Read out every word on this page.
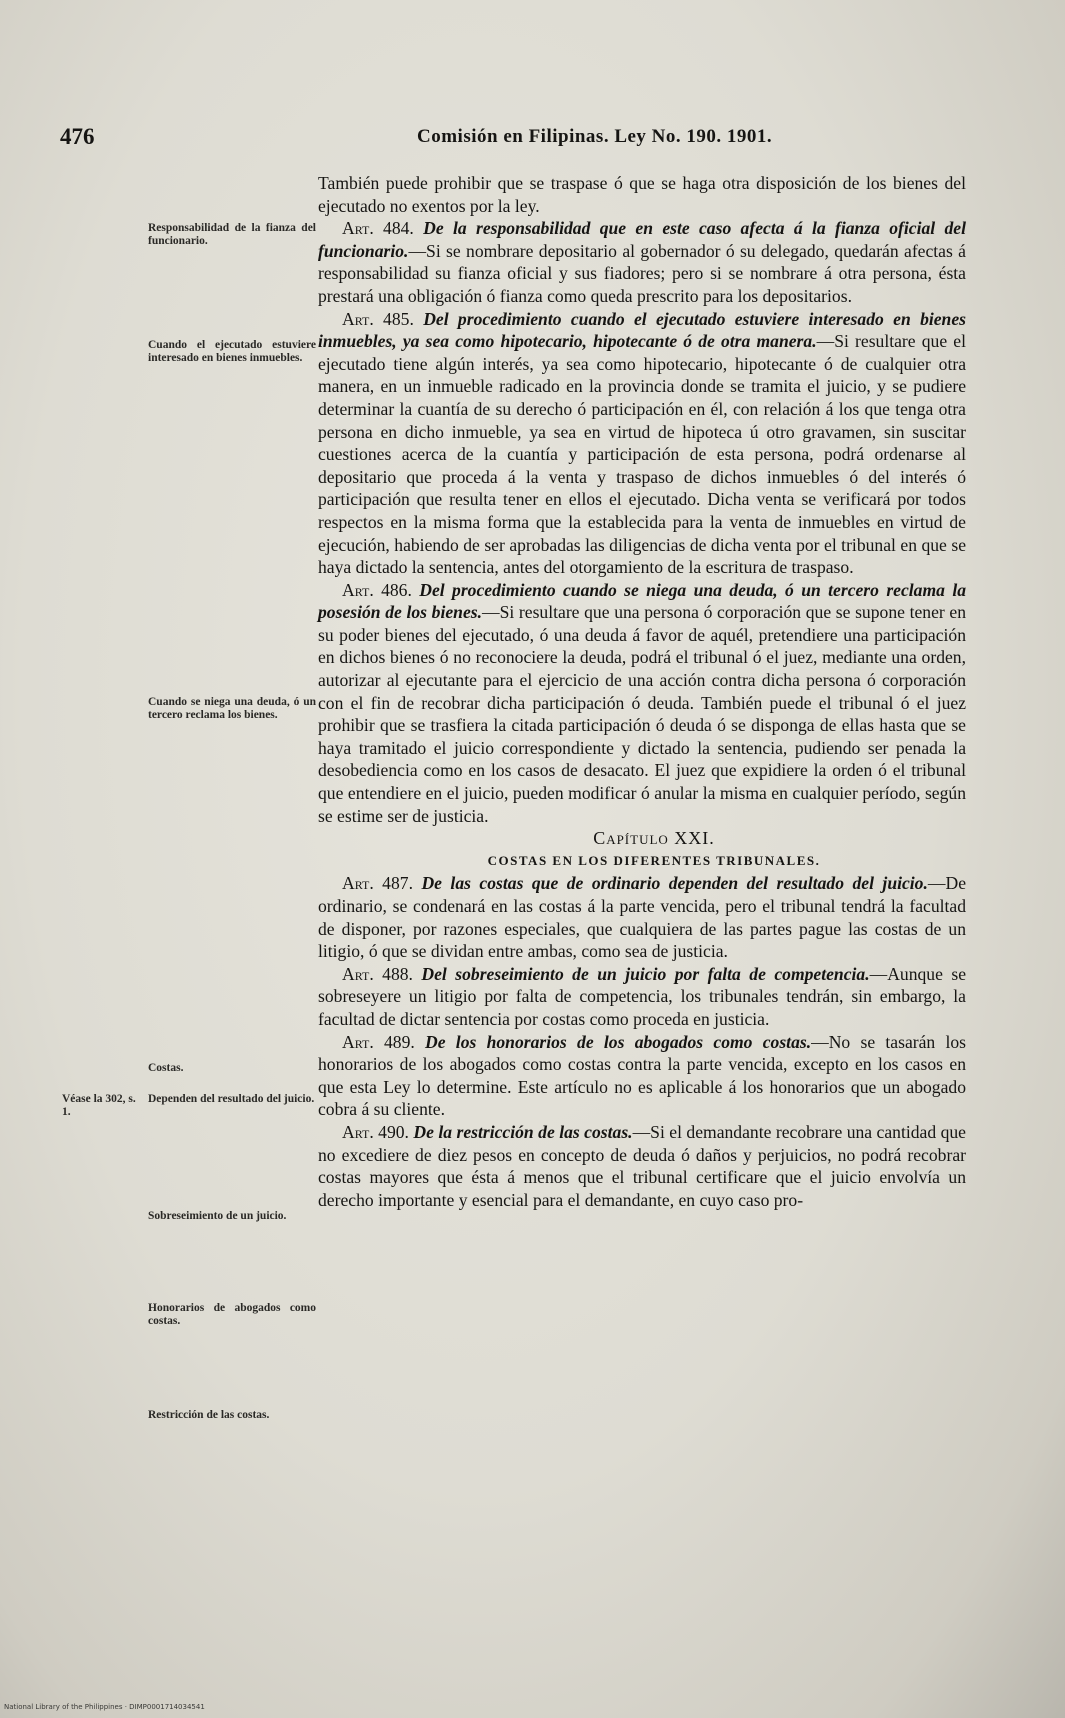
476	Comisión en Filipinas. Ley No. 190. 1901.
Responsabilidad de la fianza del funcionario.
Cuando el ejecutado estuviere interesado en bienes inmuebles.
Cuando se niega una deuda, ó un tercero reclama los bienes.
Costas.
Véase la 302, s. 1.
Dependen del resultado del juicio.
Sobreseimiento de un juicio.
Honorarios de abogados como costas.
Restricción de las costas.

También puede prohibir que se traspase ó que se haga otra disposición de los bienes del ejecutado no exentos por la ley.

Art. 484. De la responsabilidad que en este caso afecta á la fianza oficial del funcionario.—Si se nombrare depositario al gobernador ó su delegado, quedarán afectas á responsabilidad su fianza oficial y sus fiadores; pero si se nombrare á otra persona, ésta prestará una obligación ó fianza como queda prescrito para los depositarios.

Art. 485. Del procedimiento cuando el ejecutado estuviere interesado en bienes inmuebles, ya sea como hipotecario, hipotecante ó de otra manera.—Si resultare que el ejecutado tiene algún interés, ya sea como hipotecario, hipotecante ó de cualquier otra manera, en un inmueble radicado en la provincia donde se tramita el juicio, y se pudiere determinar la cuantía de su derecho ó participación en él, con relación á los que tenga otra persona en dicho inmueble, ya sea en virtud de hipoteca ú otro gravamen, sin suscitar cuestiones acerca de la cuantía y participación de esta persona, podrá ordenarse al depositario que proceda á la venta y traspaso de dichos inmuebles ó del interés ó participación que resulta tener en ellos el ejecutado. Dicha venta se verificará por todos respectos en la misma forma que la establecida para la venta de inmuebles en virtud de ejecución, habiendo de ser aprobadas las diligencias de dicha venta por el tribunal en que se haya dictado la sentencia, antes del otorgamiento de la escritura de traspaso.

Art. 486. Del procedimiento cuando se niega una deuda, ó un tercero reclama la posesión de los bienes.—Si resultare que una persona ó corporación que se supone tener en su poder bienes del ejecutado, ó una deuda á favor de aquél, pretendiere una participación en dichos bienes ó no reconociere la deuda, podrá el tribunal ó el juez, mediante una orden, autorizar al ejecutante para el ejercicio de una acción contra dicha persona ó corporación con el fin de recobrar dicha participación ó deuda. También puede el tribunal ó el juez prohibir que se trasfiera la citada participación ó deuda ó se disponga de ellas hasta que se haya tramitado el juicio correspondiente y dictado la sentencia, pudiendo ser penada la desobediencia como en los casos de desacato. El juez que expidiere la orden ó el tribunal que entendiere en el juicio, pueden modificar ó anular la misma en cualquier período, según se estime ser de justicia.

Capítulo XXI.

COSTAS EN LOS DIFERENTES TRIBUNALES.

Art. 487. De las costas que de ordinario dependen del resultado del juicio.—De ordinario, se condenará en las costas á la parte vencida, pero el tribunal tendrá la facultad de disponer, por razones especiales, que cualquiera de las partes pague las costas de un litigio, ó que se dividan entre ambas, como sea de justicia.

Art. 488. Del sobreseimiento de un juicio por falta de competencia.—Aunque se sobreseyere un litigio por falta de competencia, los tribunales tendrán, sin embargo, la facultad de dictar sentencia por costas como proceda en justicia.

Art. 489. De los honorarios de los abogados como costas.—No se tasarán los honorarios de los abogados como costas contra la parte vencida, excepto en los casos en que esta Ley lo determine. Este artículo no es aplicable á los honorarios que un abogado cobra á su cliente.

Art. 490. De la restricción de las costas.—Si el demandante recobrare una cantidad que no excediere de diez pesos en concepto de deuda ó daños y perjuicios, no podrá recobrar costas mayores que ésta á menos que el tribunal certificare que el juicio envolvía un derecho importante y esencial para el demandante, en cuyo caso pro-

National Library of the Philippines · DIMP0001714034541
